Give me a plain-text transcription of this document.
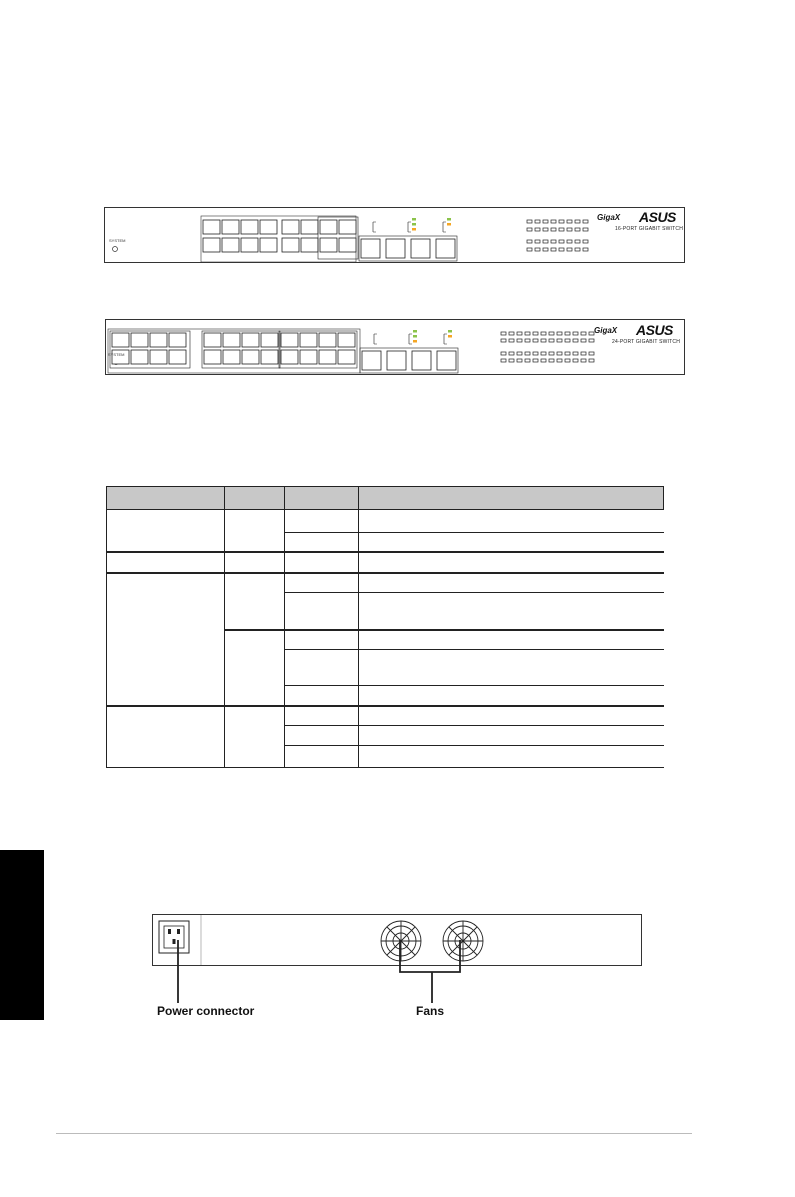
SYSTEM
GigaX ASUS
16-PORT GIGABIT SWITCH
SYSTEM
GigaX ASUS
24-PORT GIGABIT SWITCH
Power connector	Fans
